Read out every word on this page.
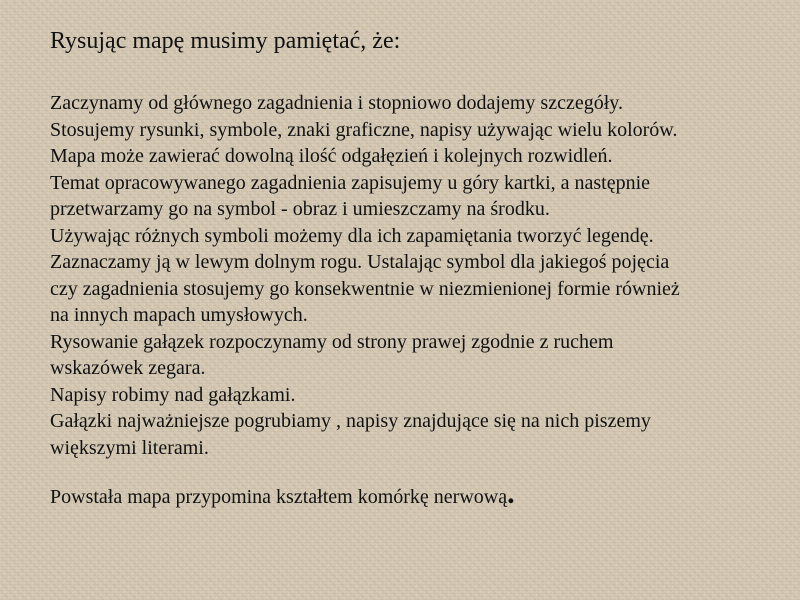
Rysując mapę musimy pamiętać, że:
Zaczynamy od głównego zagadnienia i stopniowo dodajemy szczegóły.
Stosujemy rysunki, symbole, znaki graficzne, napisy używając wielu kolorów.
Mapa może zawierać dowolną ilość odgałęzień i kolejnych rozwidleń.
Temat opracowywanego zagadnienia zapisujemy u góry kartki, a następnie
przetwarzamy go na symbol - obraz i umieszczamy na środku.
Używając różnych symboli możemy dla ich zapamiętania tworzyć legendę.
Zaznaczamy ją w lewym dolnym rogu. Ustalając symbol dla jakiegoś pojęcia
czy zagadnienia stosujemy go konsekwentnie w niezmienionej formie również
na innych mapach umysłowych.
Rysowanie gałązek rozpoczynamy od strony prawej zgodnie z ruchem
wskazówek zegara.
Napisy robimy nad gałązkami.
Gałązki najważniejsze pogrubiamy , napisy znajdujące się na nich piszemy
większymi literami.
Powstała mapa przypomina kształtem komórkę nerwową.
